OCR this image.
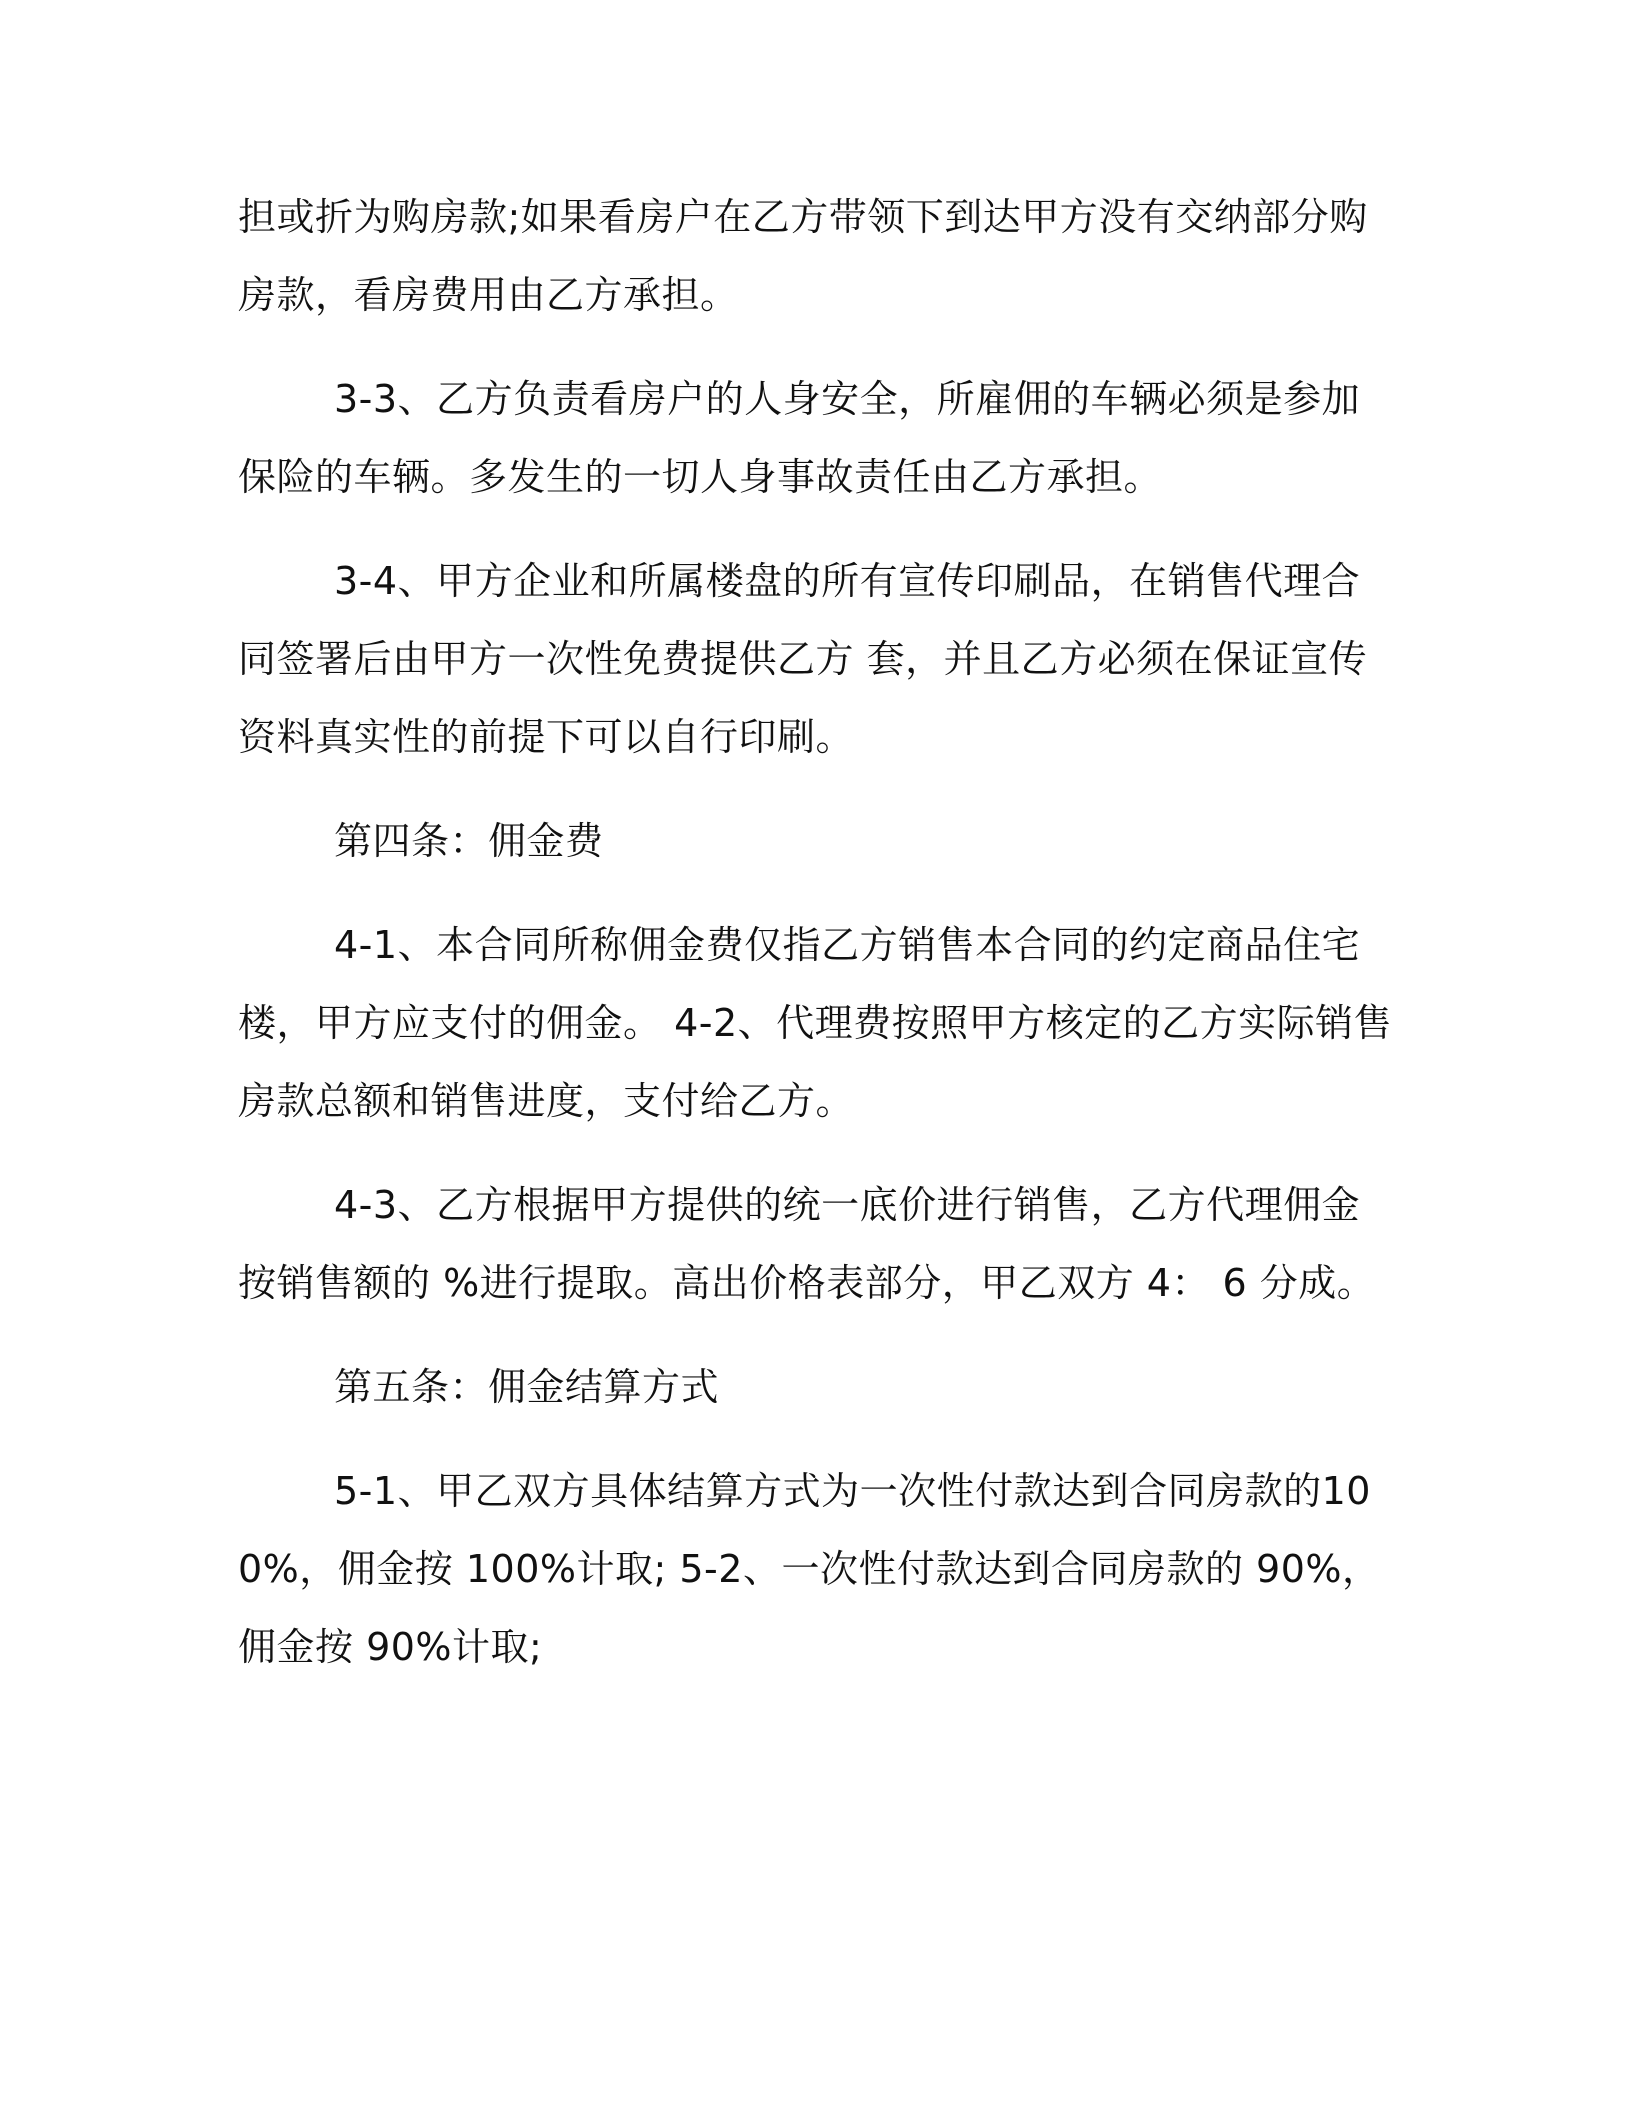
担或折为购房款;如果看房户在乙方带领下到达甲方没有交纳部分购房款，看房费用由乙方承担。

3-3、乙方负责看房户的人身安全，所雇佣的车辆必须是参加保险的车辆。多发生的一切人身事故责任由乙方承担。

3-4、甲方企业和所属楼盘的所有宣传印刷品，在销售代理合同签署后由甲方一次性免费提供乙方 套，并且乙方必须在保证宣传资料真实性的前提下可以自行印刷。

第四条：佣金费

4-1、本合同所称佣金费仅指乙方销售本合同的约定商品住宅楼，甲方应支付的佣金。 4-2、代理费按照甲方核定的乙方实际销售房款总额和销售进度，支付给乙方。

4-3、乙方根据甲方提供的统一底价进行销售，乙方代理佣金按销售额的 %进行提取。高出价格表部分，甲乙双方 4： 6 分成。

第五条：佣金结算方式

5-1、甲乙双方具体结算方式为一次性付款达到合同房款的100%，佣金按 100%计取; 5-2、一次性付款达到合同房款的 90%，佣金按 90%计取;
